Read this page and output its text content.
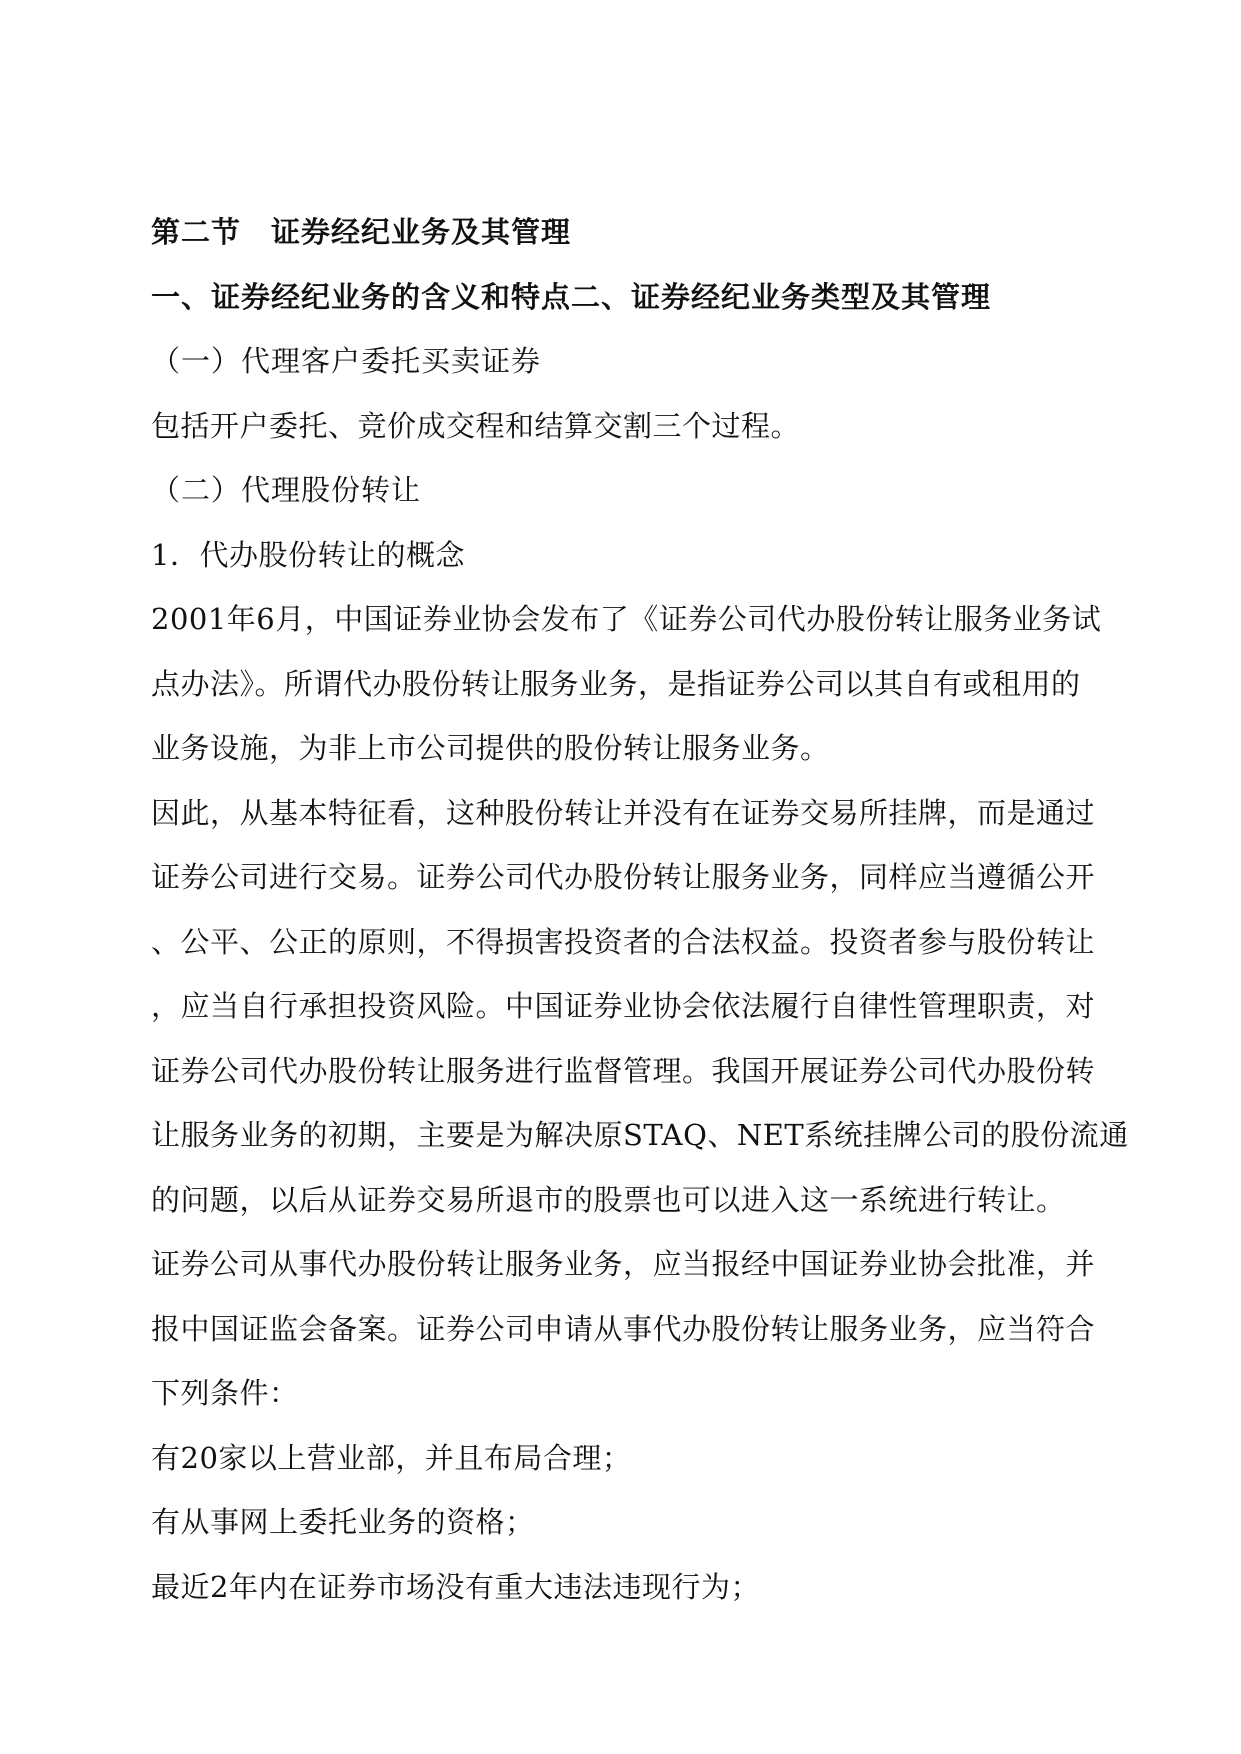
第二节　证券经纪业务及其管理
一、证券经纪业务的含义和特点二、证券经纪业务类型及其管理
（一）代理客户委托买卖证券
包括开户委托、竞价成交程和结算交割三个过程。
（二）代理股份转让
1．代办股份转让的概念
2001年6月，中国证券业协会发布了《证券公司代办股份转让服务业务试
点办法》。所谓代办股份转让服务业务，是指证券公司以其自有或租用的
业务设施，为非上市公司提供的股份转让服务业务。
因此，从基本特征看，这种股份转让并没有在证券交易所挂牌，而是通过
证券公司进行交易。证券公司代办股份转让服务业务，同样应当遵循公开
、公平、公正的原则，不得损害投资者的合法权益。投资者参与股份转让
，应当自行承担投资风险。中国证券业协会依法履行自律性管理职责，对
证券公司代办股份转让服务进行监督管理。我国开展证券公司代办股份转
让服务业务的初期，主要是为解决原STAQ、NET系统挂牌公司的股份流通
的问题，以后从证券交易所退市的股票也可以进入这一系统进行转让。
证券公司从事代办股份转让服务业务，应当报经中国证券业协会批准，并
报中国证监会备案。证券公司申请从事代办股份转让服务业务，应当符合
下列条件：
有20家以上营业部，并且布局合理；
有从事网上委托业务的资格；
最近2年内在证券市场没有重大违法违现行为；
